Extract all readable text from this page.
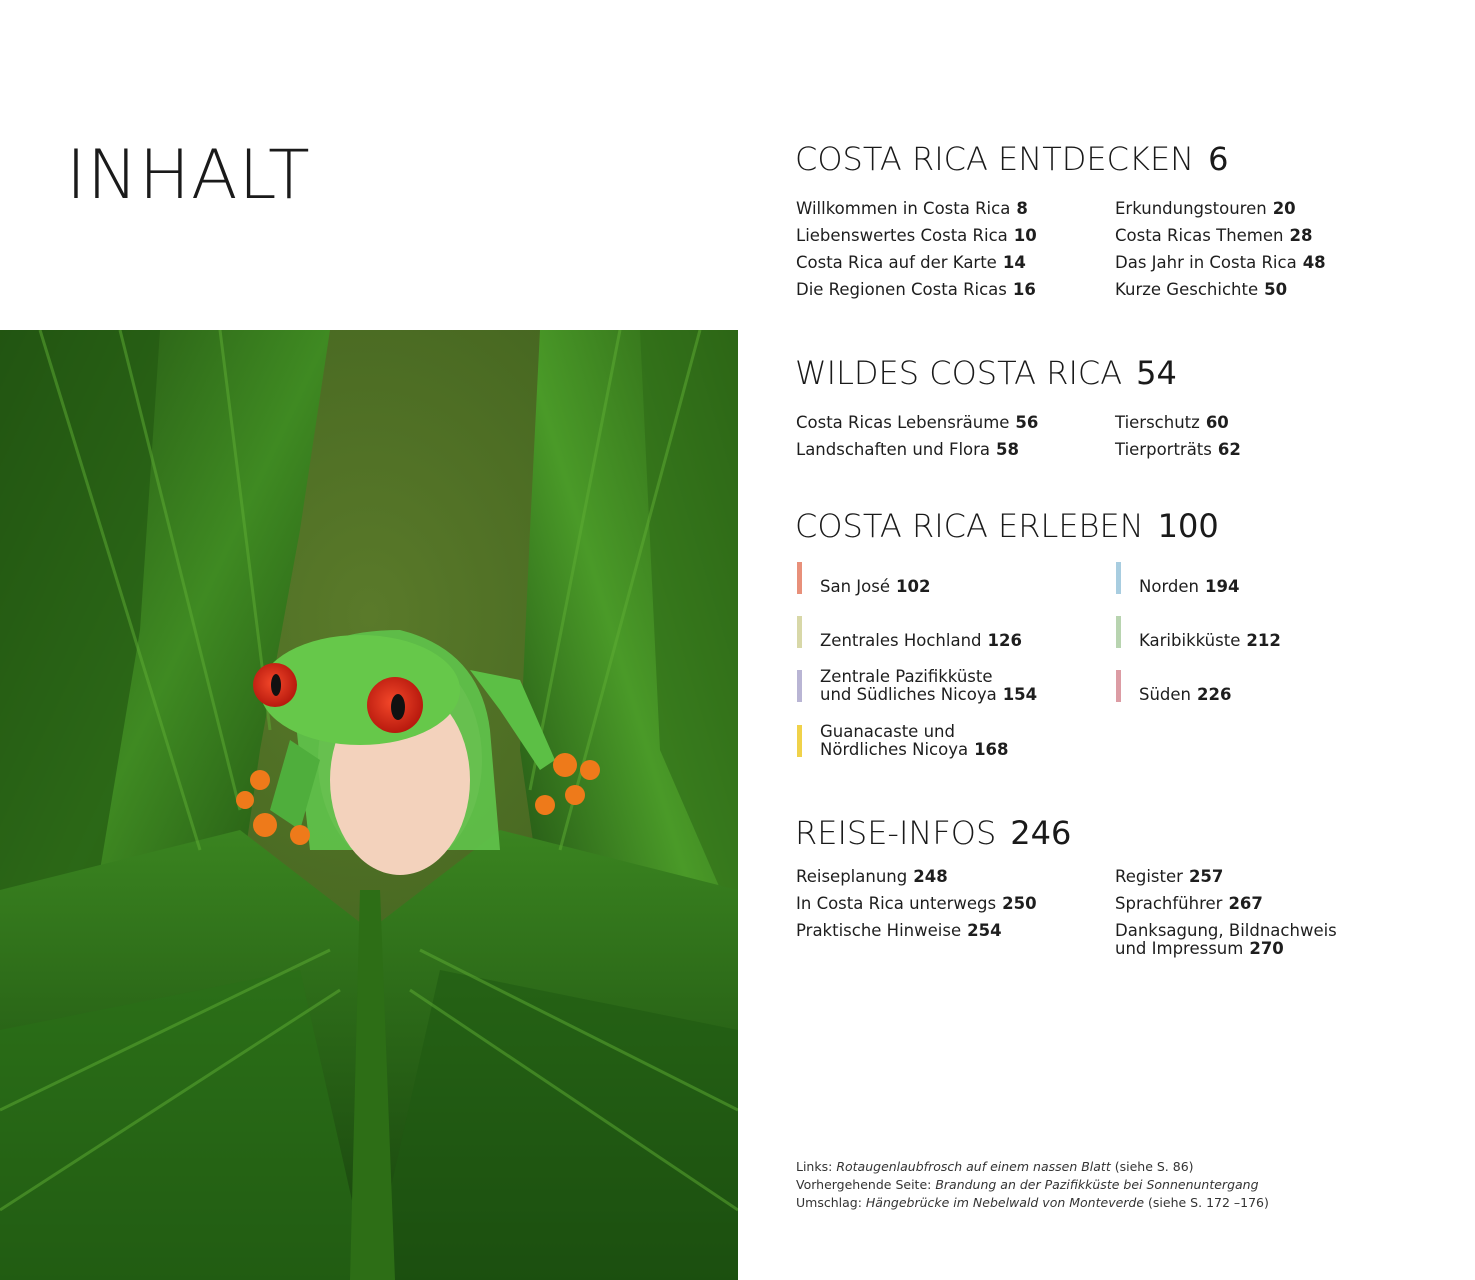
INHALT	COSTA RICA ENTDECKEN 6
Willkommen in Costa Rica 8
Liebenswertes Costa Rica 10
Costa Rica auf der Karte 14
Die Regionen Costa Ricas 16
Erkundungstouren 20
Costa Ricas Themen 28
Das Jahr in Costa Rica 48
Kurze Geschichte 50
WILDES COSTA RICA 54
Costa Ricas Lebensräume 56
Landschaften und Flora 58
Tierschutz 60
Tierporträts 62
COSTA RICA ERLEBEN 100
San José 102
Zentrales Hochland 126
Zentrale Pazifikküste
und Südliches Nicoya 154
Guanacaste und
Nördliches Nicoya 168
Norden 194
Karibikküste 212
Süden 226
REISE-INFOS 246
Reiseplanung 248
In Costa Rica unterwegs 250
Praktische Hinweise 254
Register 257
Sprachführer 267
Danksagung, Bildnachweis
und Impressum 270
Links: Rotaugenlaubfrosch auf einem nassen Blatt (siehe S. 86)
Vorhergehende Seite: Brandung an der Pazifikküste bei Sonnenuntergang
Umschlag: Hängebrücke im Nebelwald von Monteverde (siehe S. 172 –176)
